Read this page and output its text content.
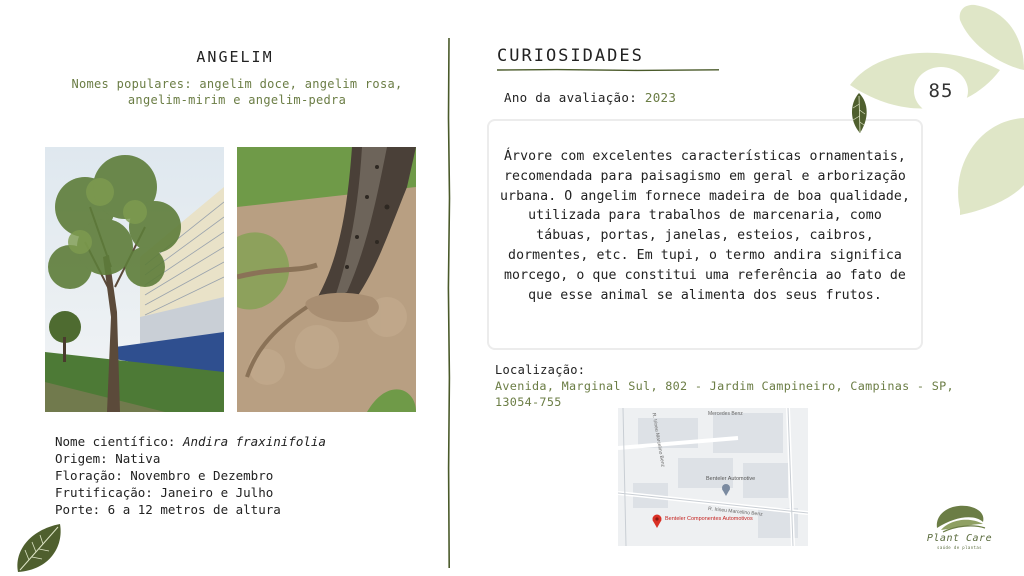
ANGELIM
Nomes populares: angelim doce, angelim rosa, angelim-mirim e angelim-pedra
Nome científico: Andira fraxinifolia
Origem: Nativa
Floração: Novembro e Dezembro
Frutificação: Janeiro e Julho
Porte: 6 a 12 metros de altura
CURIOSIDADES
Ano da avaliação: 2023

Árvore com excelentes características ornamentais, recomendada para paisagismo em geral e arborização urbana. O angelim fornece madeira de boa qualidade, utilizada para trabalhos de marcenaria, como tábuas, portas, janelas, esteios, caibros, dormentes, etc. Em tupi, o termo andira significa morcego, o que constitui uma referência ao fato de que esse animal se alimenta dos seus frutos.

Localização:
Avenida, Marginal Sul, 802 - Jardim Campineiro, Campinas - SP, 13054-755
R. Irineu Marcelino Benz	Mercedes Benz
R. Irineu Marcelino Benz
Benteler Automotive
Benteler Componentes Automotivos
85
Plant Care
saúde de plantas
